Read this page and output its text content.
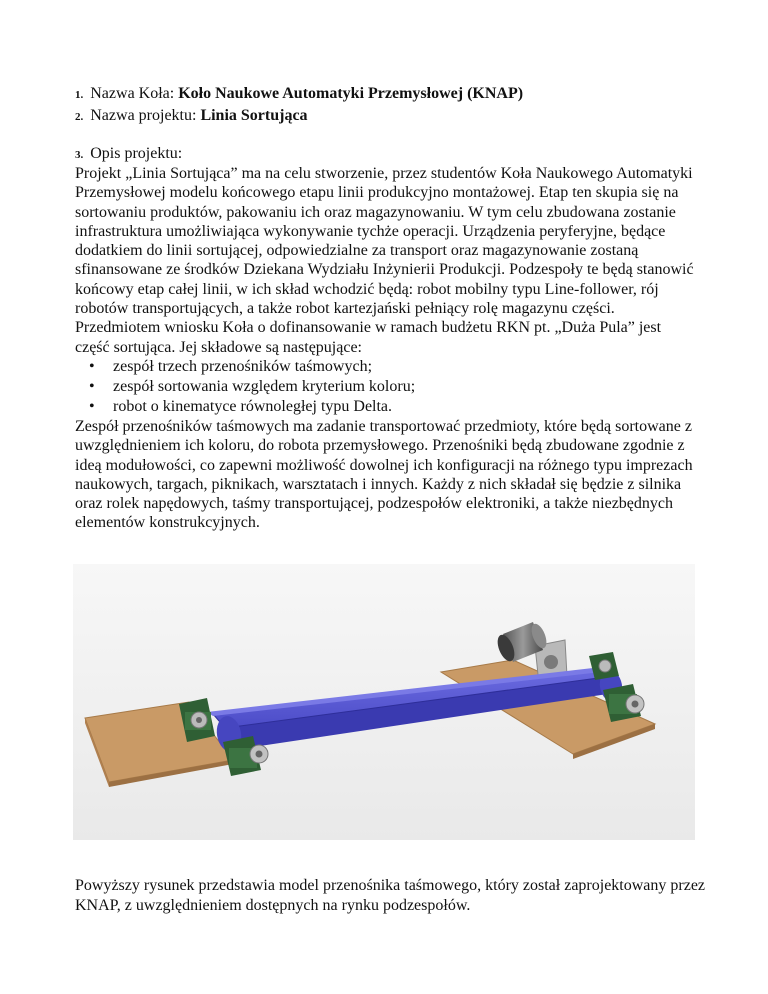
1. Nazwa Koła: Koło Naukowe Automatyki Przemysłowej (KNAP)
2. Nazwa projektu: Linia Sortująca
3. Opis projektu:

Projekt „Linia Sortująca” ma na celu stworzenie, przez studentów Koła Naukowego Automatyki Przemysłowej modelu końcowego etapu linii produkcyjno montażowej. Etap ten skupia się na sortowaniu produktów, pakowaniu ich oraz magazynowaniu. W tym celu zbudowana zostanie infrastruktura umożliwiająca wykonywanie tychże operacji. Urządzenia peryferyjne, będące dodatkiem do linii sortującej, odpowiedzialne za transport oraz magazynowanie zostaną sfinansowane ze środków Dziekana Wydziału Inżynierii Produkcji. Podzespoły te będą stanowić końcowy etap całej linii, w ich skład wchodzić będą: robot mobilny typu Line-follower, rój robotów transportujących, a także robot kartezjański pełniący rolę magazynu części.

Przedmiotem wniosku Koła o dofinansowanie w ramach budżetu RKN pt. „Duża Pula” jest część sortująca. Jej składowe są następujące:

• zespół trzech przenośników taśmowych;
• zespół sortowania względem kryterium koloru;
• robot o kinematyce równoległej typu Delta.

Zespół przenośników taśmowych ma zadanie transportować przedmioty, które będą sortowane z uwzględnieniem ich koloru, do robota przemysłowego. Przenośniki będą zbudowane zgodnie z ideą modułowości, co zapewni możliwość dowolnej ich konfiguracji na różnego typu imprezach naukowych, targach, piknikach, warsztatach i innych. Każdy z nich składał się będzie z silnika oraz rolek napędowych, taśmy transportującej, podzespołów elektroniki, a także niezbędnych elementów konstrukcyjnych.

Powyższy rysunek przedstawia model przenośnika taśmowego, który został zaprojektowany przez KNAP, z uwzględnieniem dostępnych na rynku podzespołów.
